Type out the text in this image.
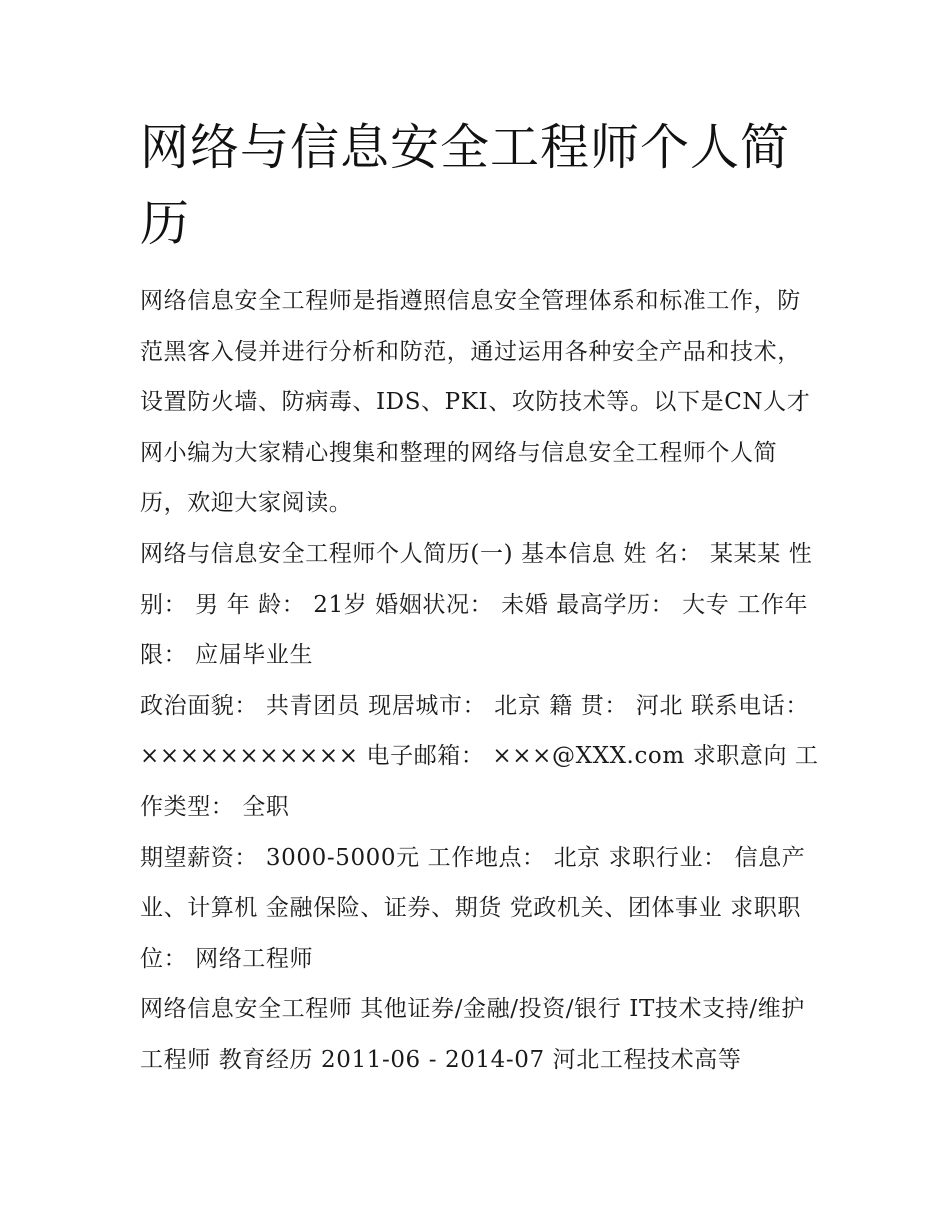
网络与信息安全工程师个人简历

网络信息安全工程师是指遵照信息安全管理体系和标准工作，防范黑客入侵并进行分析和防范，通过运用各种安全产品和技术，设置防火墙、防病毒、IDS、PKI、攻防技术等。以下是CN人才网小编为大家精心搜集和整理的网络与信息安全工程师个人简历，欢迎大家阅读。

网络与信息安全工程师个人简历(一) 基本信息 姓 名： 某某某 性 别： 男 年 龄： 21岁 婚姻状况： 未婚 最高学历： 大专 工作年限： 应届毕业生

政治面貌： 共青团员 现居城市： 北京 籍 贯： 河北 联系电话： ××××××××××× 电子邮箱： ×××@XXX.com 求职意向 工作类型： 全职

期望薪资： 3000-5000元 工作地点： 北京 求职行业： 信息产业、计算机 金融保险、证券、期货 党政机关、团体事业 求职职位： 网络工程师

网络信息安全工程师 其他证券/金融/投资/银行 IT技术支持/维护工程师 教育经历 2011-06 - 2014-07 河北工程技术高等
